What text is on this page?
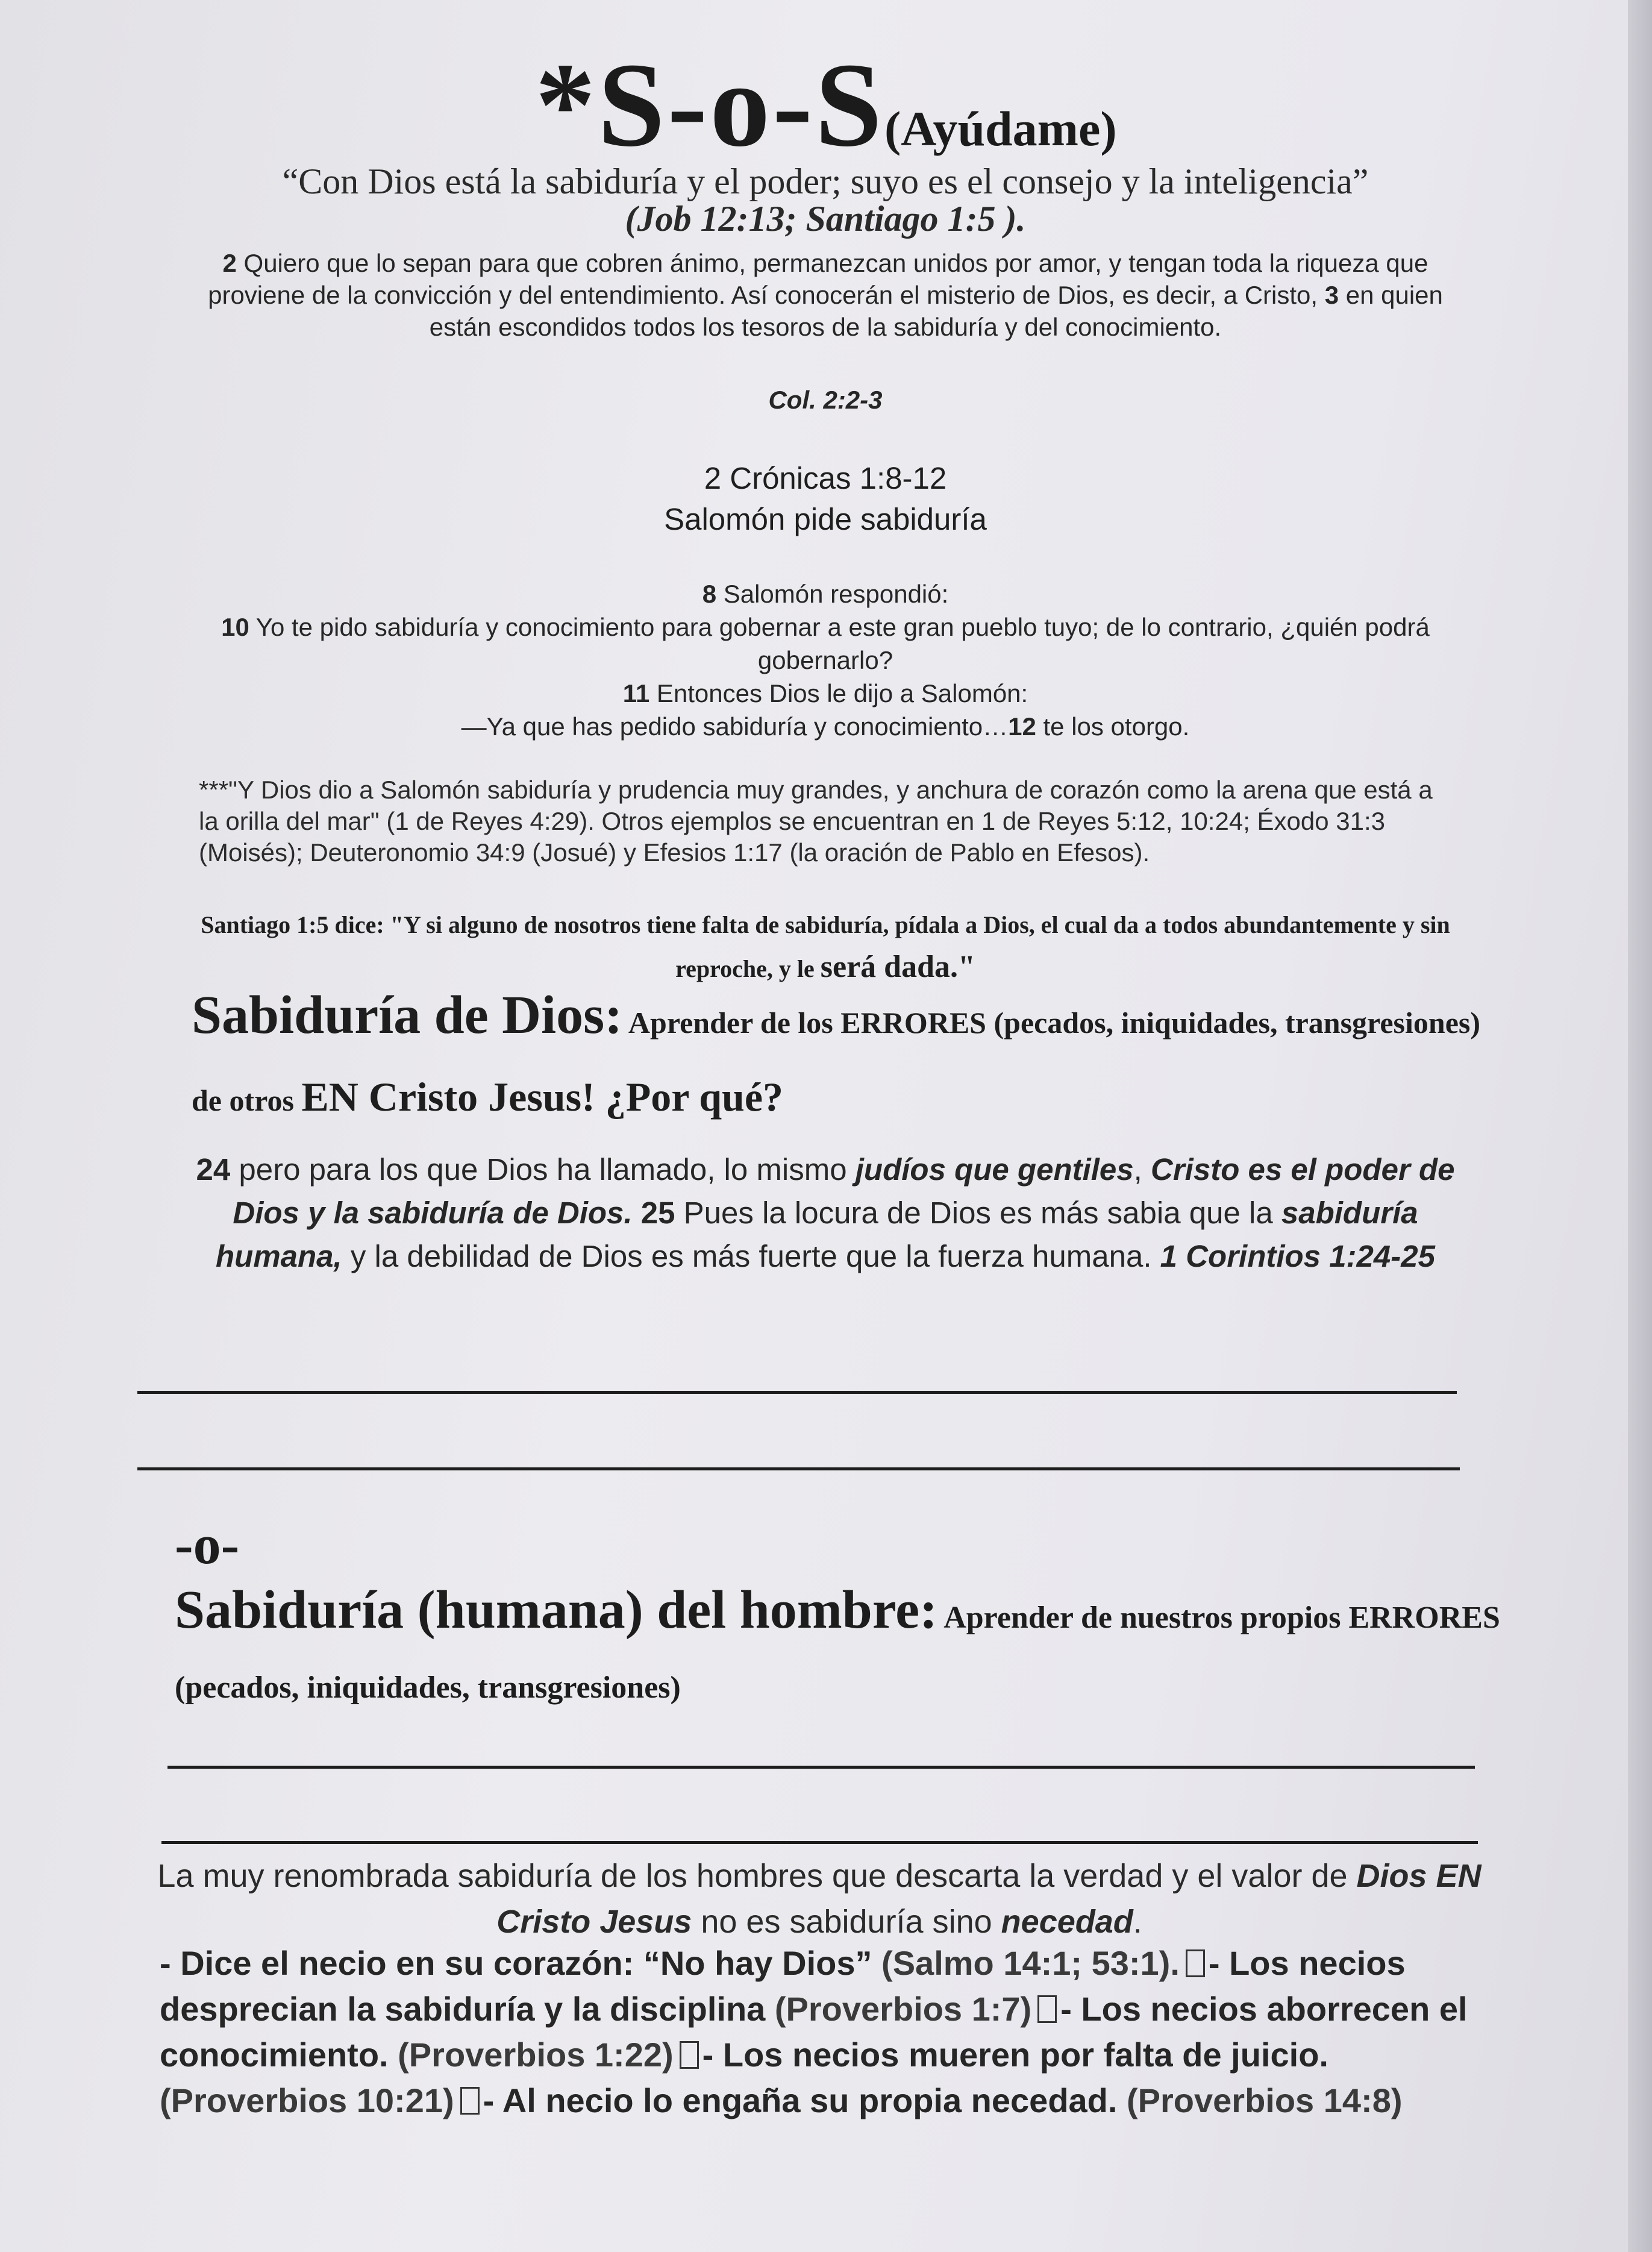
*S-o-S(Ayúdame)
“Con Dios está la sabiduría y el poder; suyo es el consejo y la inteligencia” (Job 12:13; Santiago 1:5 ).
2 Quiero que lo sepan para que cobren ánimo, permanezcan unidos por amor, y tengan toda la riqueza que proviene de la convicción y del entendimiento. Así conocerán el misterio de Dios, es decir, a Cristo, 3 en quien están escondidos todos los tesoros de la sabiduría y del conocimiento.
Col. 2:2-3
2 Crónicas 1:8-12
Salomón pide sabiduría
8 Salomón respondió:
10 Yo te pido sabiduría y conocimiento para gobernar a este gran pueblo tuyo; de lo contrario, ¿quién podrá gobernarlo?
11 Entonces Dios le dijo a Salomón:
—Ya que has pedido sabiduría y conocimiento…12 te los otorgo.
***"Y Dios dio a Salomón sabiduría y prudencia muy grandes, y anchura de corazón como la arena que está a la orilla del mar" (1 de Reyes 4:29). Otros ejemplos se encuentran en 1 de Reyes 5:12, 10:24; Éxodo 31:3 (Moisés); Deuteronomio 34:9 (Josué) y Efesios 1:17 (la oración de Pablo en Efesos).
Santiago 1:5 dice: "Y si alguno de nosotros tiene falta de sabiduría, pídala a Dios, el cual da a todos abundantemente y sin reproche, y le será dada."
Sabiduría de Dios: Aprender de los ERRORES (pecados, iniquidades, transgresiones) de otros EN Cristo Jesus! ¿Por qué?
24 pero para los que Dios ha llamado, lo mismo judíos que gentiles, Cristo es el poder de Dios y la sabiduría de Dios. 25 Pues la locura de Dios es más sabia que la sabiduría humana, y la debilidad de Dios es más fuerte que la fuerza humana. 1 Corintios 1:24-25
-o-
Sabiduría (humana) del hombre: Aprender de nuestros propios ERRORES (pecados, iniquidades, transgresiones)
La muy renombrada sabiduría de los hombres que descarta la verdad y el valor de Dios EN Cristo Jesus no es sabiduría sino necedad.
- Dice el necio en su corazón: “No hay Dios” (Salmo 14:1; 53:1). - Los necios desprecian la sabiduría y la disciplina (Proverbios 1:7) - Los necios aborrecen el conocimiento. (Proverbios 1:22) - Los necios mueren por falta de juicio. (Proverbios 10:21) - Al necio lo engaña su propia necedad. (Proverbios 14:8)
